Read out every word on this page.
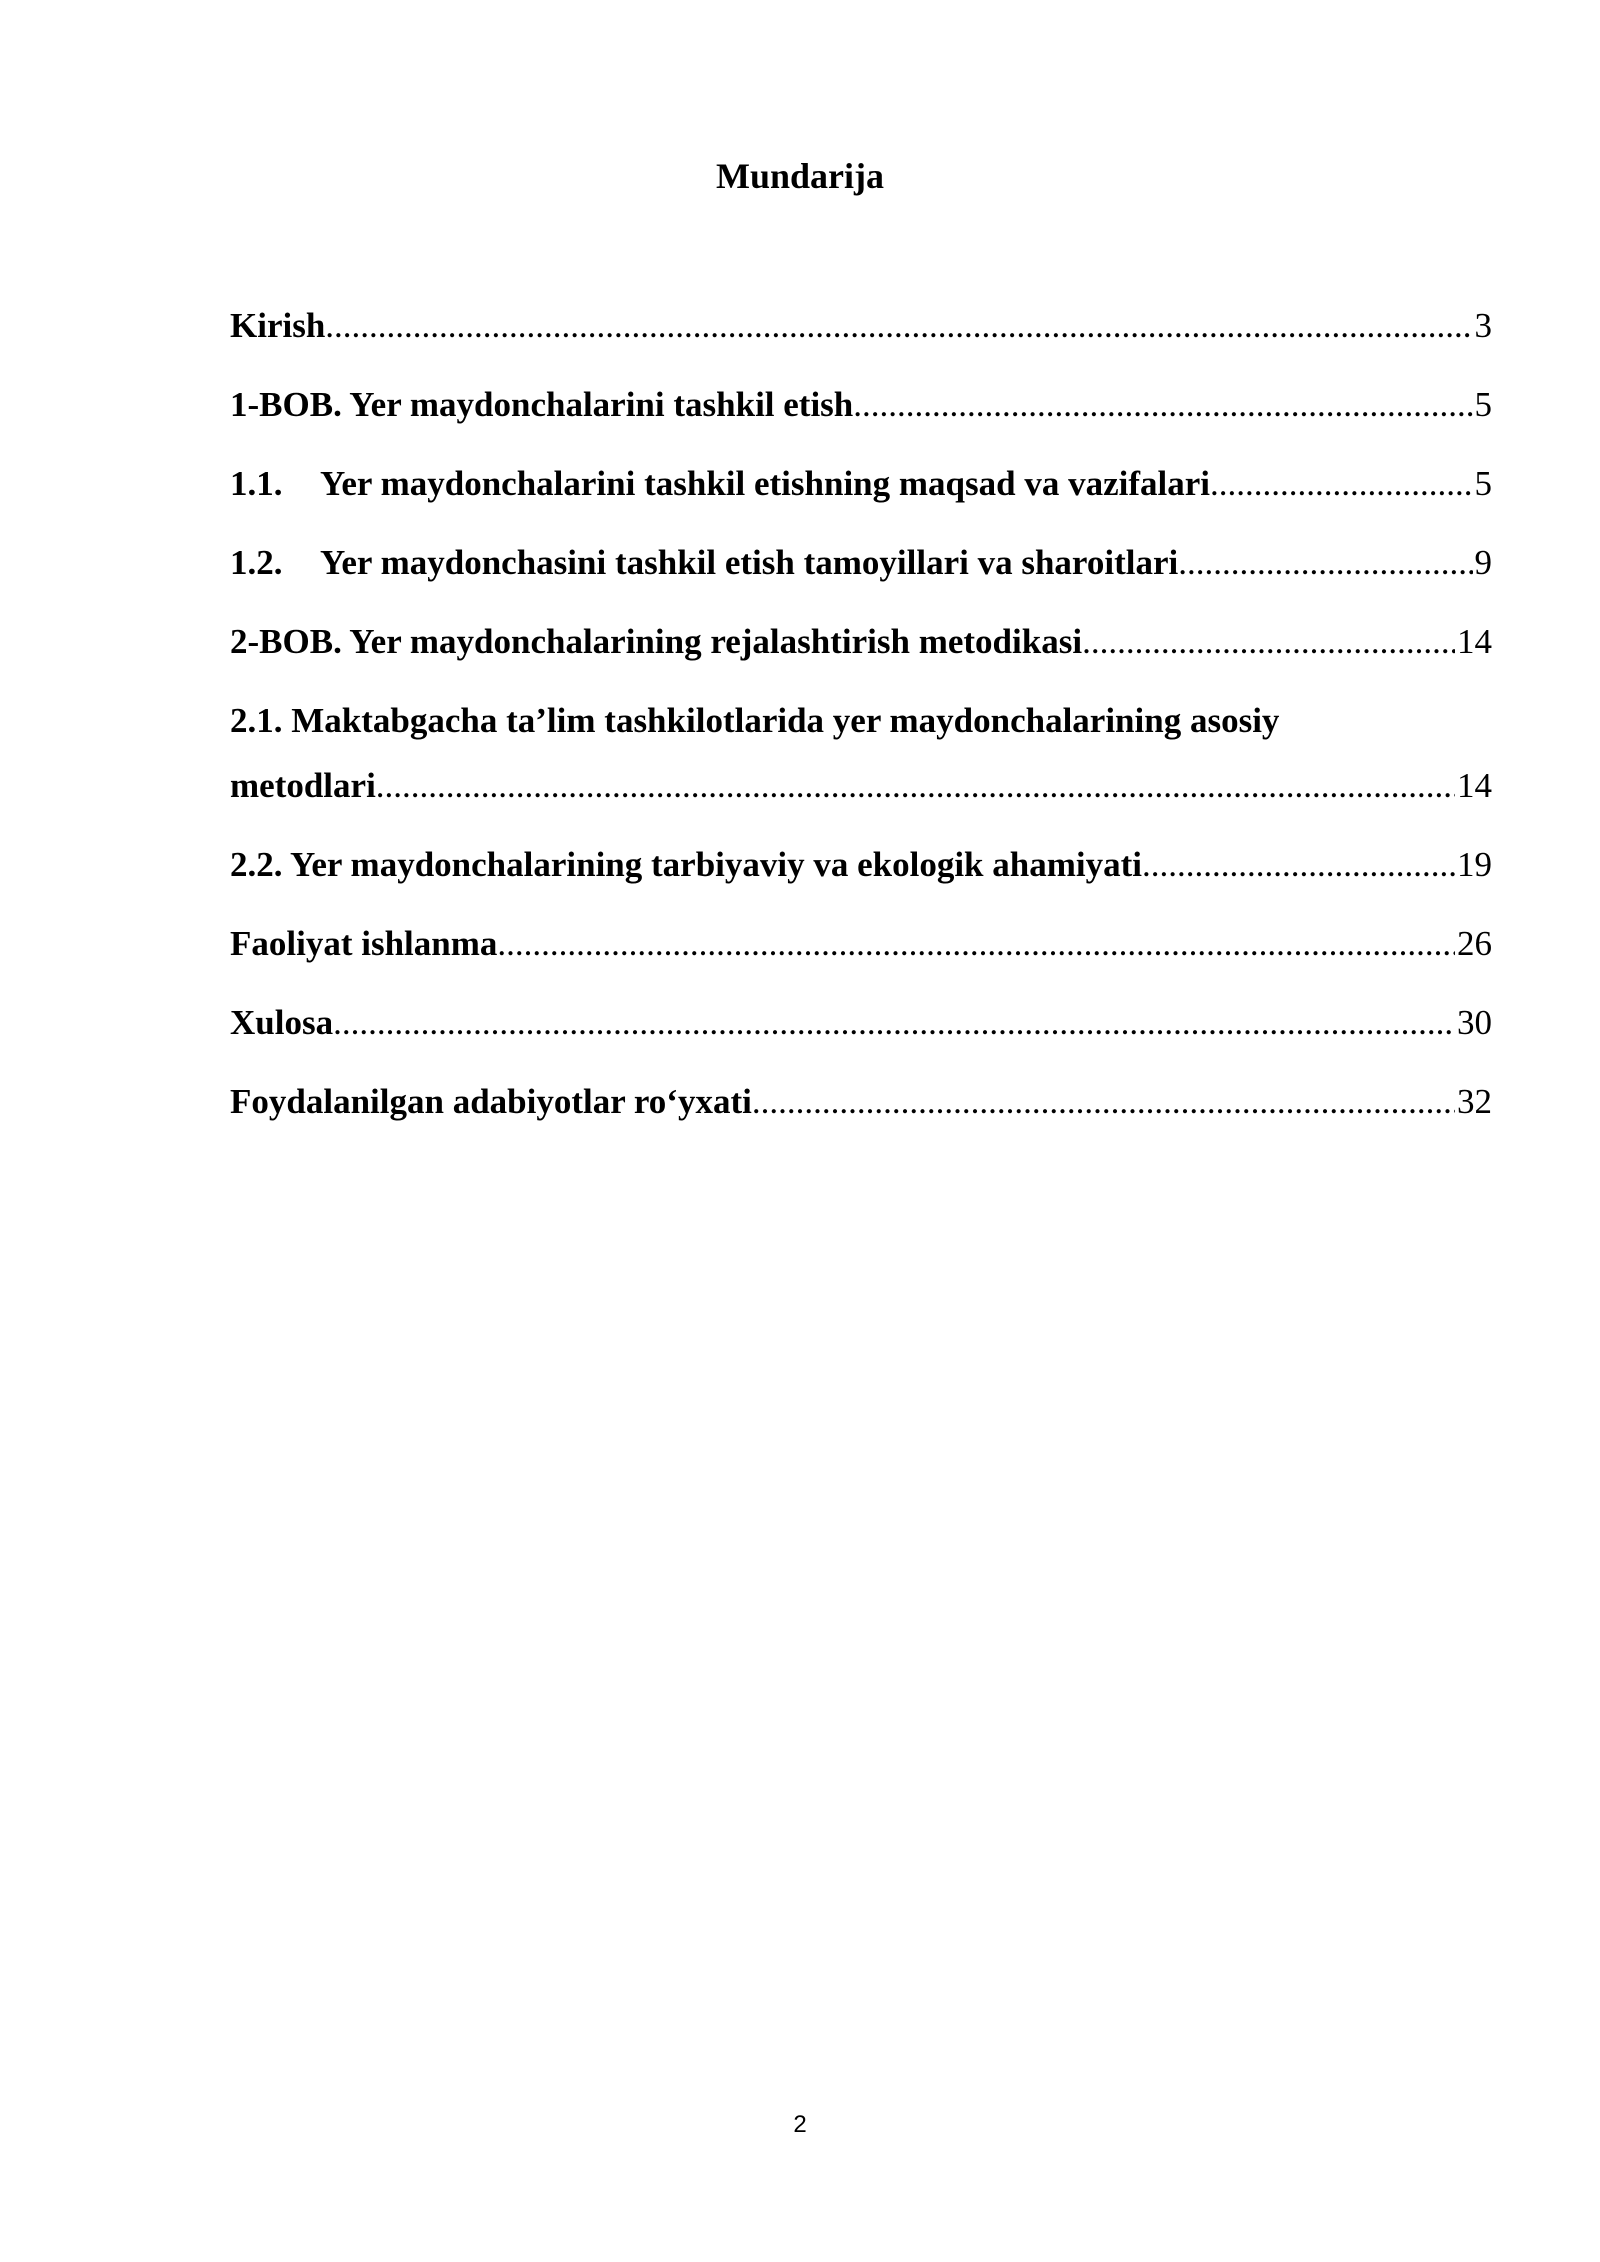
Mundarija
Kirish .....	3
1-BOB. Yer maydonchalarini tashkil etish .....	5
1.1.	Yer maydonchalarini tashkil etishning maqsad va vazifalari .....	5
1.2.	Yer maydonchasini tashkil etish tamoyillari va sharoitlari .....	9
2-BOB. Yer maydonchalarining rejalashtirish metodikasi .....	14
2.1. Maktabgacha ta’lim tashkilotlarida yer maydonchalarining asosiy
metodlari .....	14
2.2. Yer maydonchalarining tarbiyaviy va ekologik ahamiyati .....	19
Faoliyat ishlanma .....	26
Xulosa .....	30
Foydalanilgan adabiyotlar ro‘yxati .....	32
2
